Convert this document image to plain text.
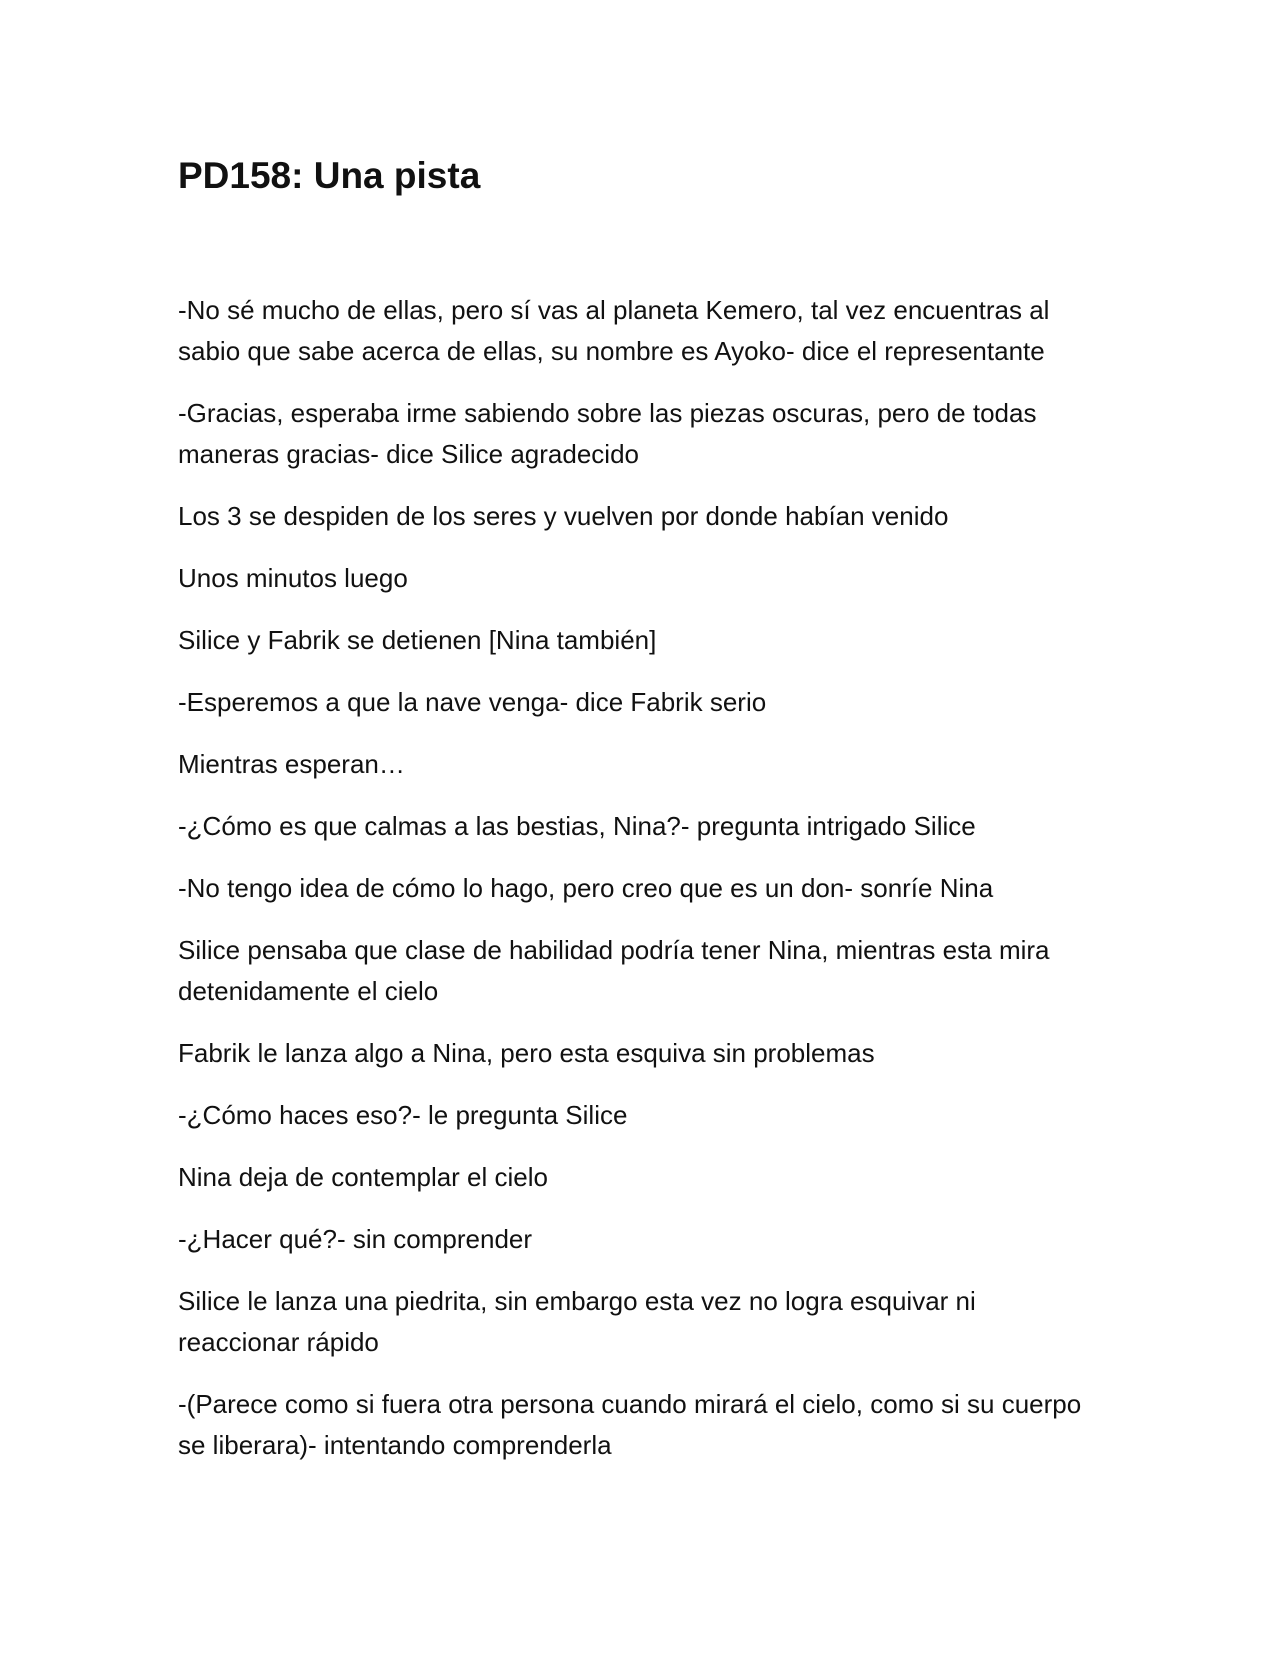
PD158: Una pista

-No sé mucho de ellas, pero sí vas al planeta Kemero, tal vez encuentras al sabio que sabe acerca de ellas, su nombre es Ayoko- dice el representante

-Gracias, esperaba irme sabiendo sobre las piezas oscuras, pero de todas maneras gracias- dice Silice agradecido

Los 3 se despiden de los seres y vuelven por donde habían venido

Unos minutos luego

Silice y Fabrik se detienen [Nina también]

-Esperemos a que la nave venga- dice Fabrik serio

Mientras esperan…

-¿Cómo es que calmas a las bestias, Nina?- pregunta intrigado Silice

-No tengo idea de cómo lo hago, pero creo que es un don- sonríe Nina

Silice pensaba que clase de habilidad podría tener Nina, mientras esta mira detenidamente el cielo

Fabrik le lanza algo a Nina, pero esta esquiva sin problemas

-¿Cómo haces eso?- le pregunta Silice

Nina deja de contemplar el cielo

-¿Hacer qué?- sin comprender

Silice le lanza una piedrita, sin embargo esta vez no logra esquivar ni reaccionar rápido

-(Parece como si fuera otra persona cuando mirará el cielo, como si su cuerpo se liberara)- intentando comprenderla
